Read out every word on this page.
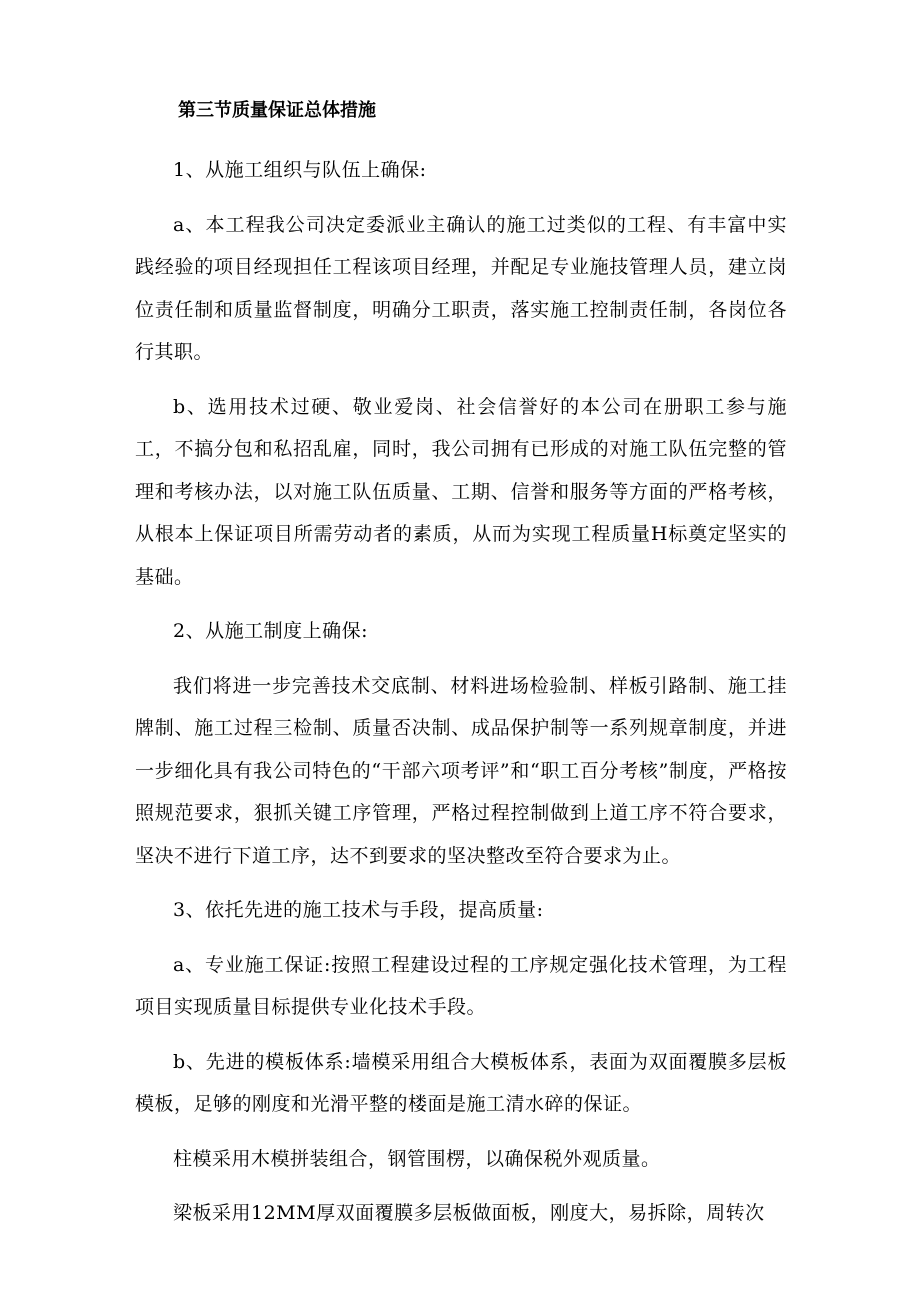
第三节质量保证总体措施

1、从施工组织与队伍上确保:

a、本工程我公司决定委派业主确认的施工过类似的工程、有丰富中实践经验的项目经现担任工程该项目经理，并配足专业施技管理人员，建立岗位责任制和质量监督制度，明确分工职责，落实施工控制责任制，各岗位各行其职。

b、选用技术过硬、敬业爱岗、社会信誉好的本公司在册职工参与施工，不搞分包和私招乱雇，同时，我公司拥有已形成的对施工队伍完整的管理和考核办法，以对施工队伍质量、工期、信誉和服务等方面的严格考核，从根本上保证项目所需劳动者的素质，从而为实现工程质量H标奠定坚实的基础。

2、从施工制度上确保:

我们将进一步完善技术交底制、材料进场检验制、样板引路制、施工挂牌制、施工过程三检制、质量否决制、成品保护制等一系列规章制度，并进一步细化具有我公司特色的“干部六项考评”和“职工百分考核”制度，严格按照规范要求，狠抓关键工序管理，严格过程控制做到上道工序不符合要求，坚决不进行下道工序，达不到要求的坚决整改至符合要求为止。

3、依托先进的施工技术与手段，提高质量:

a、专业施工保证:按照工程建设过程的工序规定强化技术管理，为工程项目实现质量目标提供专业化技术手段。

b、先进的模板体系:墙模采用组合大模板体系，表面为双面覆膜多层板模板，足够的刚度和光滑平整的楼面是施工清水碎的保证。

柱模采用木模拼装组合，钢管围楞，以确保税外观质量。

梁板采用12MM厚双面覆膜多层板做面板，刚度大，易拆除，周转次
